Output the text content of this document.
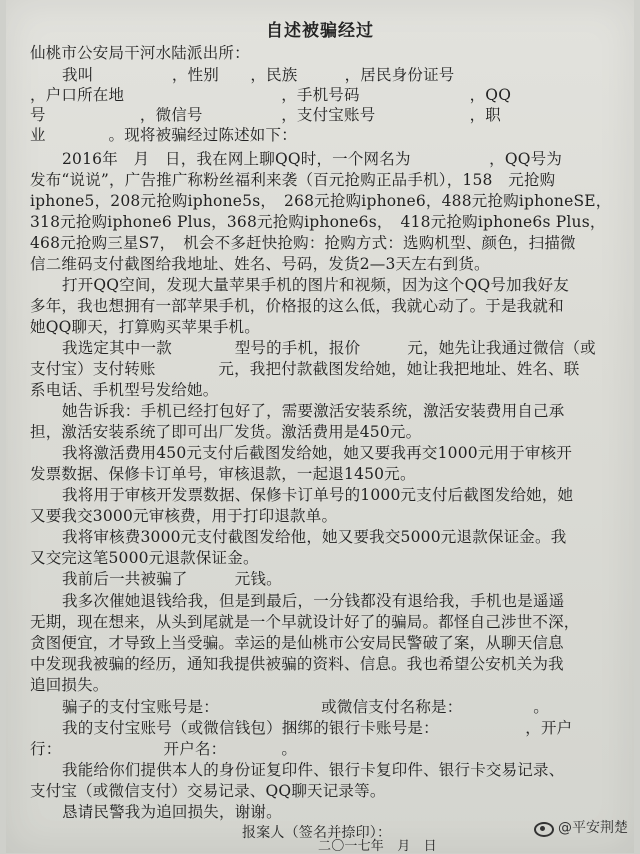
自述被骗经过
仙桃市公安局干河水陆派出所：
我叫　　　　　，性别　　，民族　　　，居民身份证号
，户口所在地　　　　　　　　　　，手机号码　　　　　　　，QQ
号　　　　　　，微信号　　　　　，支付宝账号　　　　　　，职
业　　　　。现将被骗经过陈述如下：
2016年　月　日，我在网上聊QQ时，一个网名为　　　　　，QQ号为
发布“说说”，广告推广称粉丝福利来袭（百元抢购正品手机），158　元抢购
iphone5，208元抢购iphone5s，　268元抢购iphone6，488元抢购iphoneSE，
318元抢购iphone6 Plus，368元抢购iphone6s，　418元抢购iphone6s Plus，
468元抢购三星S7，　机会不多赶快抢购：抢购方式：选购机型、颜色，扫描微
信二维码支付截图给我地址、姓名、号码，发货2—3天左右到货。
打开QQ空间，发现大量苹果手机的图片和视频，因为这个QQ号加我好友
多年，我也想拥有一部苹果手机，价格报的这么低，我就心动了。于是我就和
她QQ聊天，打算购买苹果手机。
我选定其中一款　　　　型号的手机，报价　　　元，她先让我通过微信（或
支付宝）支付转账　　　　元，我把付款截图发给她，她让我把地址、姓名、联
系电话、手机型号发给她。
她告诉我：手机已经打包好了，需要激活安装系统，激活安装费用自己承
担，激活安装系统了即可出厂发货。激活费用是450元。
我将激活费用450元支付后截图发给她，她又要我再交1000元用于审核开
发票数据、保修卡订单号，审核退款，一起退1450元。
我将用于审核开发票数据、保修卡订单号的1000元支付后截图发给她，她
又要我交3000元审核费，用于打印退款单。
我将审核费3000元支付截图发给他，她又要我交5000元退款保证金。我
又交完这笔5000元退款保证金。
我前后一共被骗了　　　元钱。
我多次催她退钱给我，但是到最后，一分钱都没有退给我，手机也是遥遥
无期，现在想来，从头到尾就是一个早就设计好了的骗局。都怪自己涉世不深，
贪图便宜，才导致上当受骗。幸运的是仙桃市公安局民警破了案，从聊天信息
中发现我被骗的经历，通知我提供被骗的资料、信息。我也希望公安机关为我
追回损失。
骗子的支付宝账号是：　　　　　　　或微信支付名称是：　　　　　。
我的支付宝账号（或微信钱包）捆绑的银行卡账号是：　　　　　　，开户
行：　　　　　　　开户名：　　　　。
我能给你们提供本人的身份证复印件、银行卡复印件、银行卡交易记录、
支付宝（或微信支付）交易记录、QQ聊天记录等。
恳请民警我为追回损失，谢谢。
报案人（签名并捺印）：
二〇一七年　月　日
@平安荆楚
